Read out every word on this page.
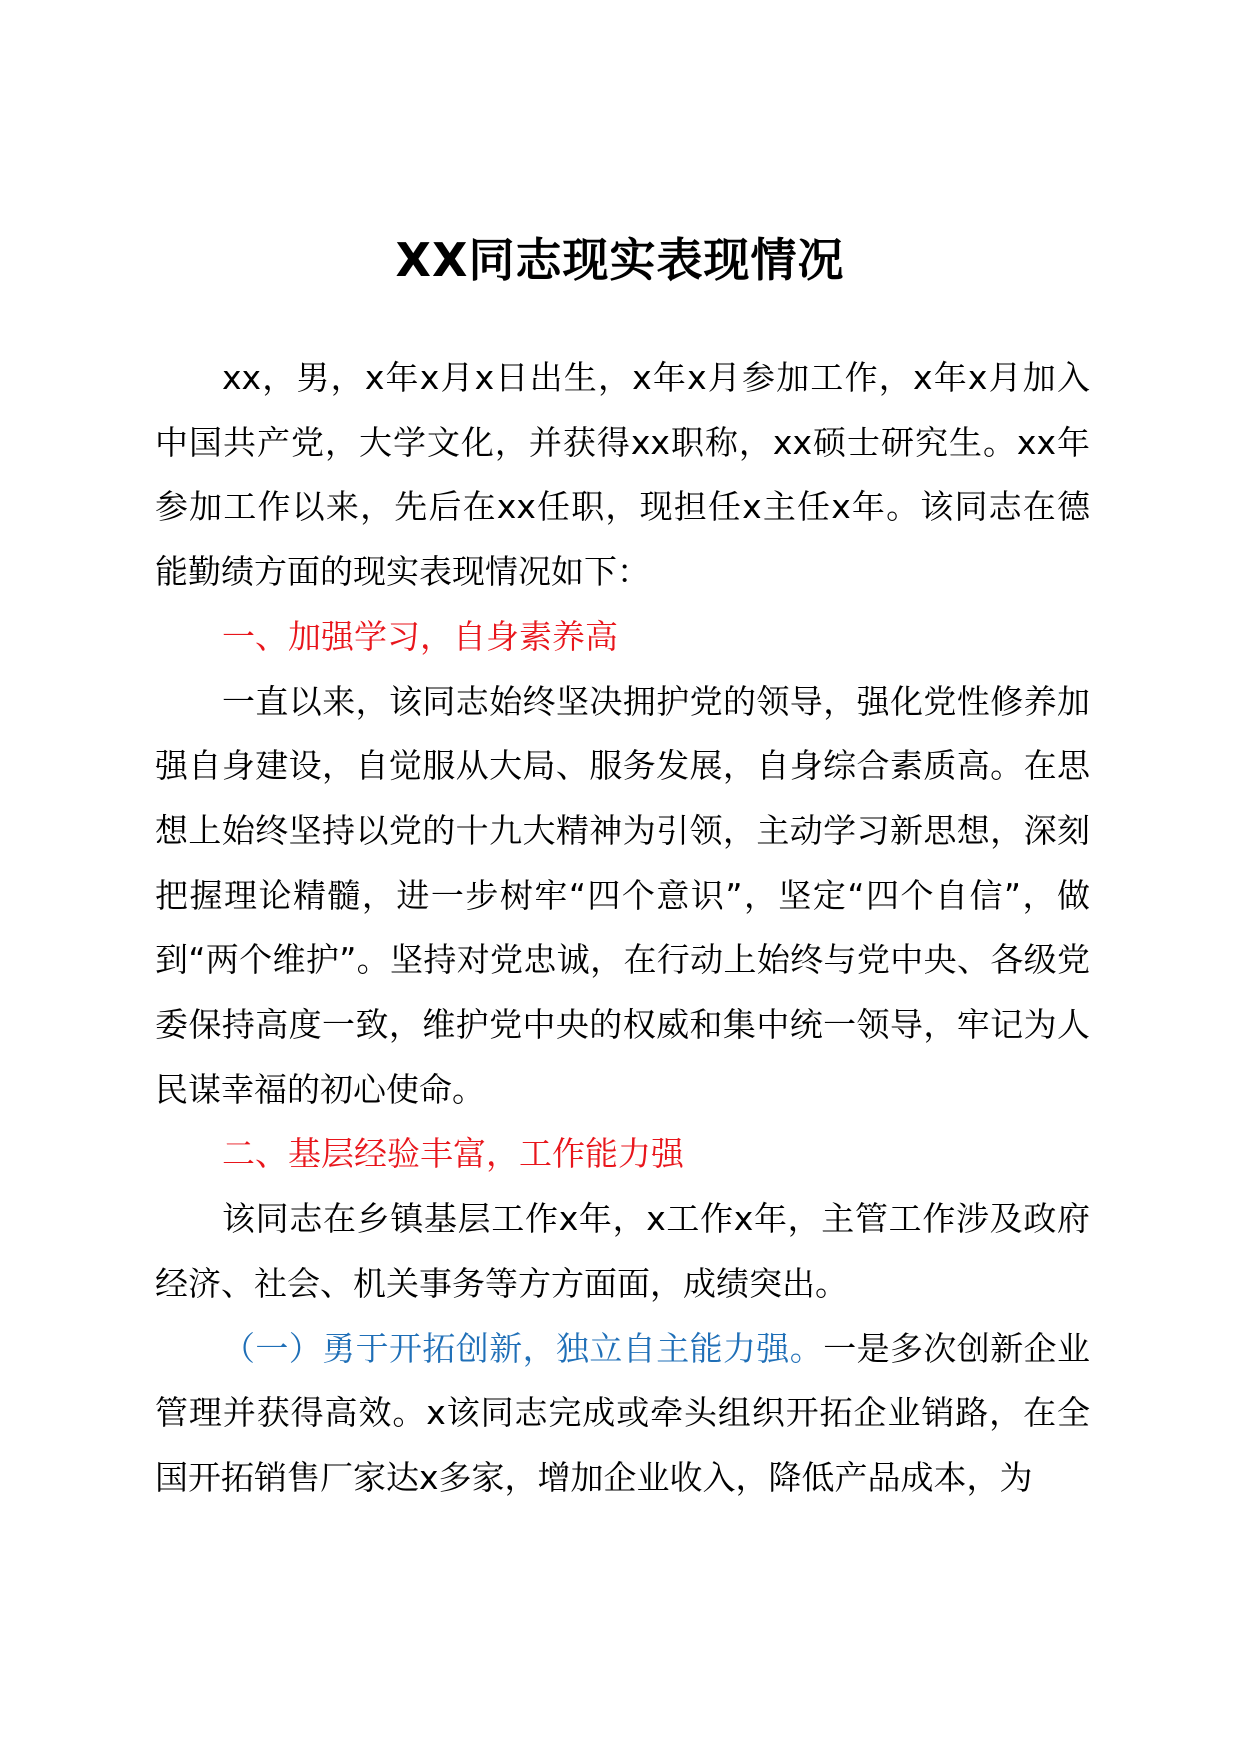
XX同志现实表现情况

xx，男，x年x月x日出生，x年x月参加工作，x年x月加入中国共产党，大学文化，并获得xx职称，xx硕士研究生。xx年参加工作以来，先后在xx任职，现担任x主任x年。该同志在德能勤绩方面的现实表现情况如下：

一、加强学习，自身素养高

一直以来，该同志始终坚决拥护党的领导，强化党性修养加强自身建设，自觉服从大局、服务发展，自身综合素质高。在思想上始终坚持以党的十九大精神为引领，主动学习新思想，深刻把握理论精髓，进一步树牢“四个意识”，坚定“四个自信”，做到“两个维护”。坚持对党忠诚，在行动上始终与党中央、各级党委保持高度一致，维护党中央的权威和集中统一领导，牢记为人民谋幸福的初心使命。

二、基层经验丰富，工作能力强

该同志在乡镇基层工作x年，x工作x年，主管工作涉及政府经济、社会、机关事务等方方面面，成绩突出。

（一）勇于开拓创新，独立自主能力强。一是多次创新企业管理并获得高效。x该同志完成或牵头组织开拓企业销路，在全国开拓销售厂家达x多家，增加企业收入，降低产品成本，为
